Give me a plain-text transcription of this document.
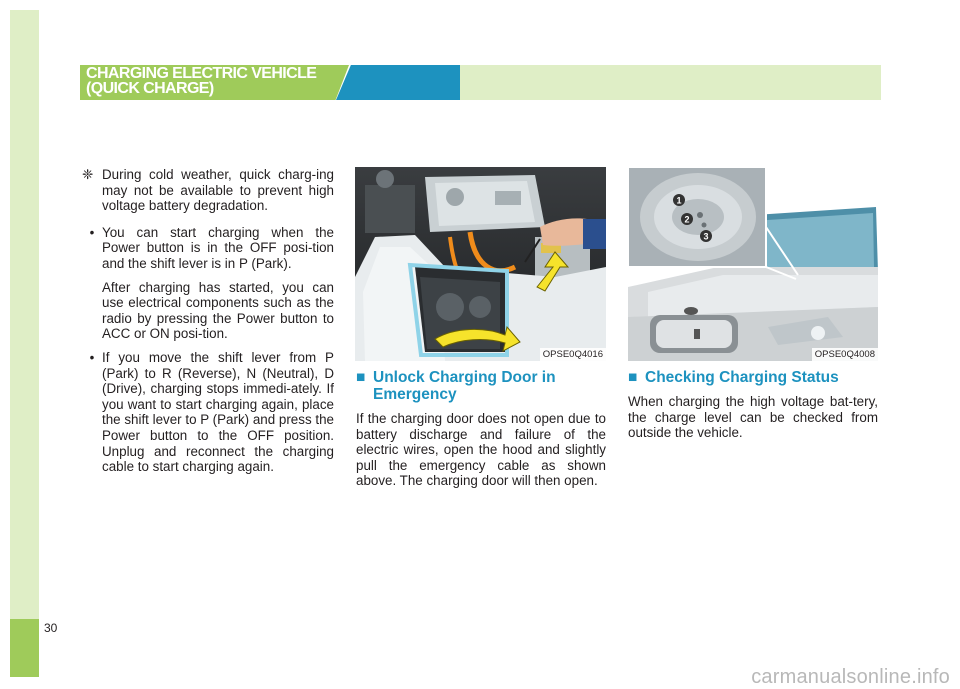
30
CHARGING ELECTRIC VEHICLE
(QUICK CHARGE)

❈ During cold weather, quick charg-ing may not be available to prevent high voltage battery degradation.

• You can start charging when the Power button is in the OFF posi-tion and the shift lever is in P (Park).

After charging has started, you can use electrical components such as the radio by pressing the Power button to ACC or ON posi-tion.

• If you move the shift lever from P (Park) to R (Reverse), N (Neutral), D (Drive), charging stops immedi-ately. If you want to start charging again, place the shift lever to P (Park) and press the Power button to the OFF position. Unplug and reconnect the charging cable to start charging again.

OPSE0Q4016
1
2
3
OPSE0Q4008
■ Unlock Charging Door in Emergency

If the charging door does not open due to battery discharge and failure of the electric wires, open the hood and slightly pull the emergency cable as shown above. The charging door will then open.

■ Checking Charging Status

When charging the high voltage bat-tery, the charge level can be checked from outside the vehicle.

carmanualsonline.info
